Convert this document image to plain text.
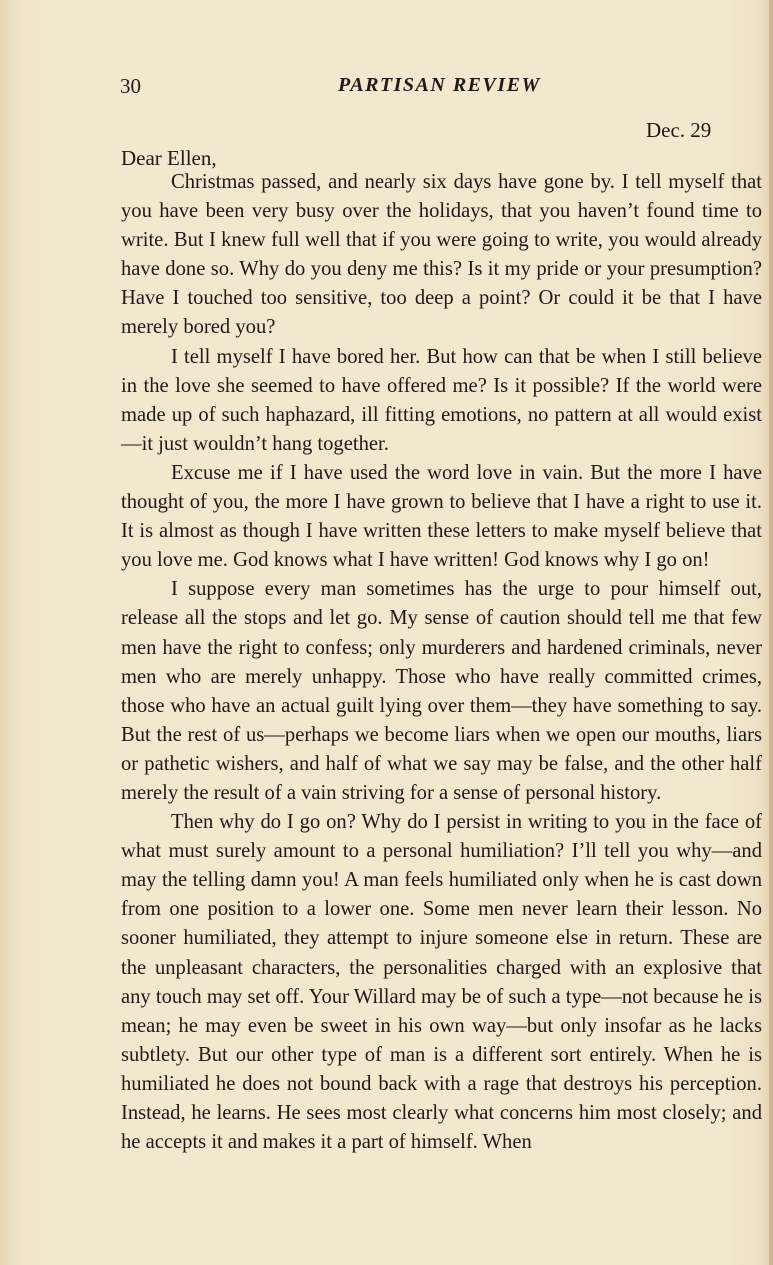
30	PARTISAN REVIEW
Dec. 29
Dear Ellen,

Christmas passed, and nearly six days have gone by. I tell myself that you have been very busy over the holidays, that you haven’t found time to write. But I knew full well that if you were going to write, you would already have done so. Why do you deny me this? Is it my pride or your presumption? Have I touched too sensitive, too deep a point? Or could it be that I have merely bored you?

I tell myself I have bored her. But how can that be when I still believe in the love she seemed to have offered me? Is it possible? If the world were made up of such haphazard, ill fitting emotions, no pattern at all would exist—it just wouldn’t hang together.

Excuse me if I have used the word love in vain. But the more I have thought of you, the more I have grown to believe that I have a right to use it. It is almost as though I have written these letters to make myself believe that you love me. God knows what I have written! God knows why I go on!

I suppose every man sometimes has the urge to pour himself out, release all the stops and let go. My sense of caution should tell me that few men have the right to confess; only murderers and hardened criminals, never men who are merely unhappy. Those who have really committed crimes, those who have an actual guilt lying over them—they have something to say. But the rest of us—perhaps we become liars when we open our mouths, liars or pathetic wishers, and half of what we say may be false, and the other half merely the result of a vain striving for a sense of personal history.

Then why do I go on? Why do I persist in writing to you in the face of what must surely amount to a personal humiliation? I’ll tell you why—and may the telling damn you! A man feels humiliated only when he is cast down from one position to a lower one. Some men never learn their lesson. No sooner humiliated, they attempt to injure someone else in return. These are the unpleasant characters, the personalities charged with an explosive that any touch may set off. Your Willard may be of such a type—not because he is mean; he may even be sweet in his own way—but only insofar as he lacks subtlety. But our other type of man is a different sort entirely. When he is humiliated he does not bound back with a rage that destroys his perception. Instead, he learns. He sees most clearly what concerns him most closely; and he accepts it and makes it a part of himself. When
